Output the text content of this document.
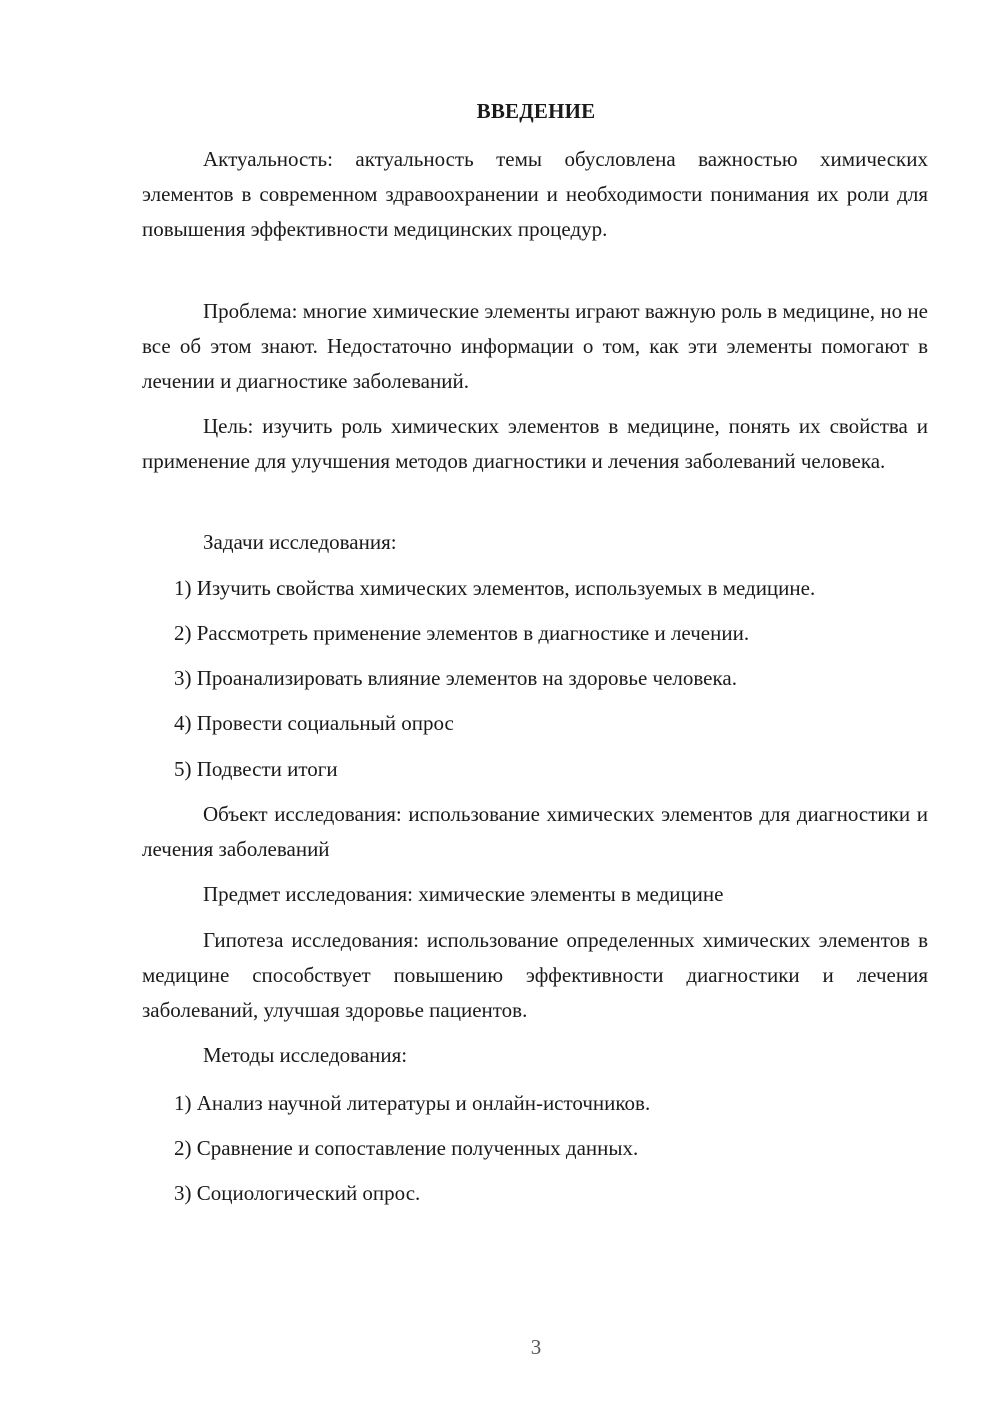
ВВЕДЕНИЕ

Актуальность: актуальность темы обусловлена важностью химических элементов в современном здравоохранении и необходимости понимания их роли для повышения эффективности медицинских процедур.

Проблема: многие химические элементы играют важную роль в медицине, но не все об этом знают. Недостаточно информации о том, как эти элементы помогают в лечении и диагностике заболеваний.

Цель: изучить роль химических элементов в медицине, понять их свойства и применение для улучшения методов диагностики и лечения заболеваний человека.

Задачи исследования:

1) Изучить свойства химических элементов, используемых в медицине.
2) Рассмотреть применение элементов в диагностике и лечении.
3) Проанализировать влияние элементов на здоровье человека.
4) Провести социальный опрос
5) Подвести итоги

Объект исследования: использование химических элементов для диагностики и лечения заболеваний

Предмет исследования: химические элементы в медицине

Гипотеза исследования: использование определенных химических элементов в медицине способствует повышению эффективности диагностики и лечения заболеваний, улучшая здоровье пациентов.

Методы исследования:

1) Анализ научной литературы и онлайн-источников.
2) Сравнение и сопоставление полученных данных.
3) Социологический опрос.
3
